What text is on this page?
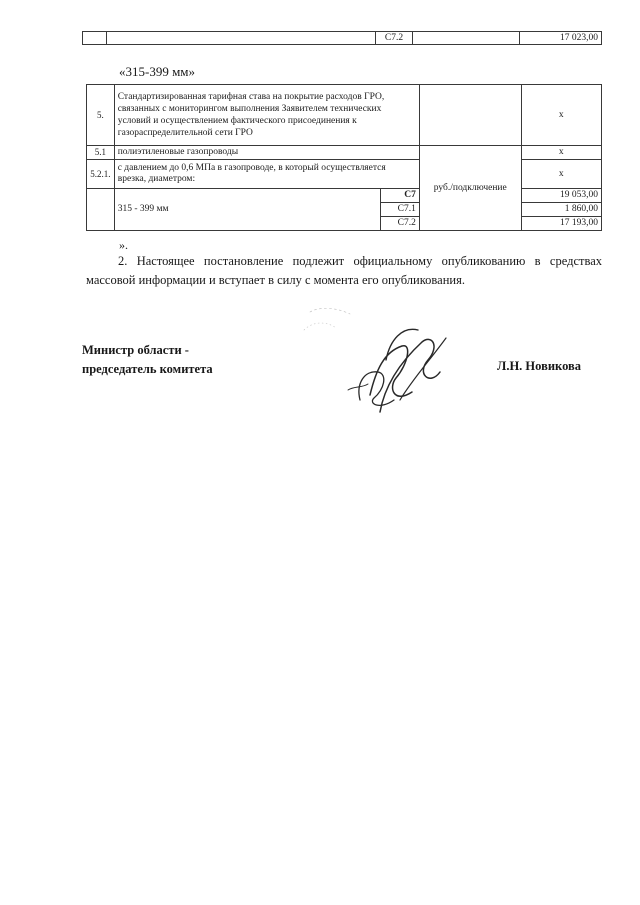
		С7.2		17 023,00
«315-399 мм»
5.	Стандартизированная тарифная става на покрытие расходов ГРО, связанных с мониторингом выполнения Заявителем технических условий и осуществлением фактического присоединения к газораспределительной сети ГРО			x
5.1	полиэтиленовые газопроводы		руб./подключение	x
5.2.1.	с давлением до 0,6 МПа в газопроводе, в который осуществляется врезка, диаметром:			x
	315 - 399 мм	С7		19 053,00
		С7.1		1 860,00
		С7.2		17 193,00
».
2. Настоящее постановление подлежит официальному опубликованию в средствах массовой информации и вступает в силу с момента его опубликования.
Министр области -
председатель комитета	Л.Н. Новикова
